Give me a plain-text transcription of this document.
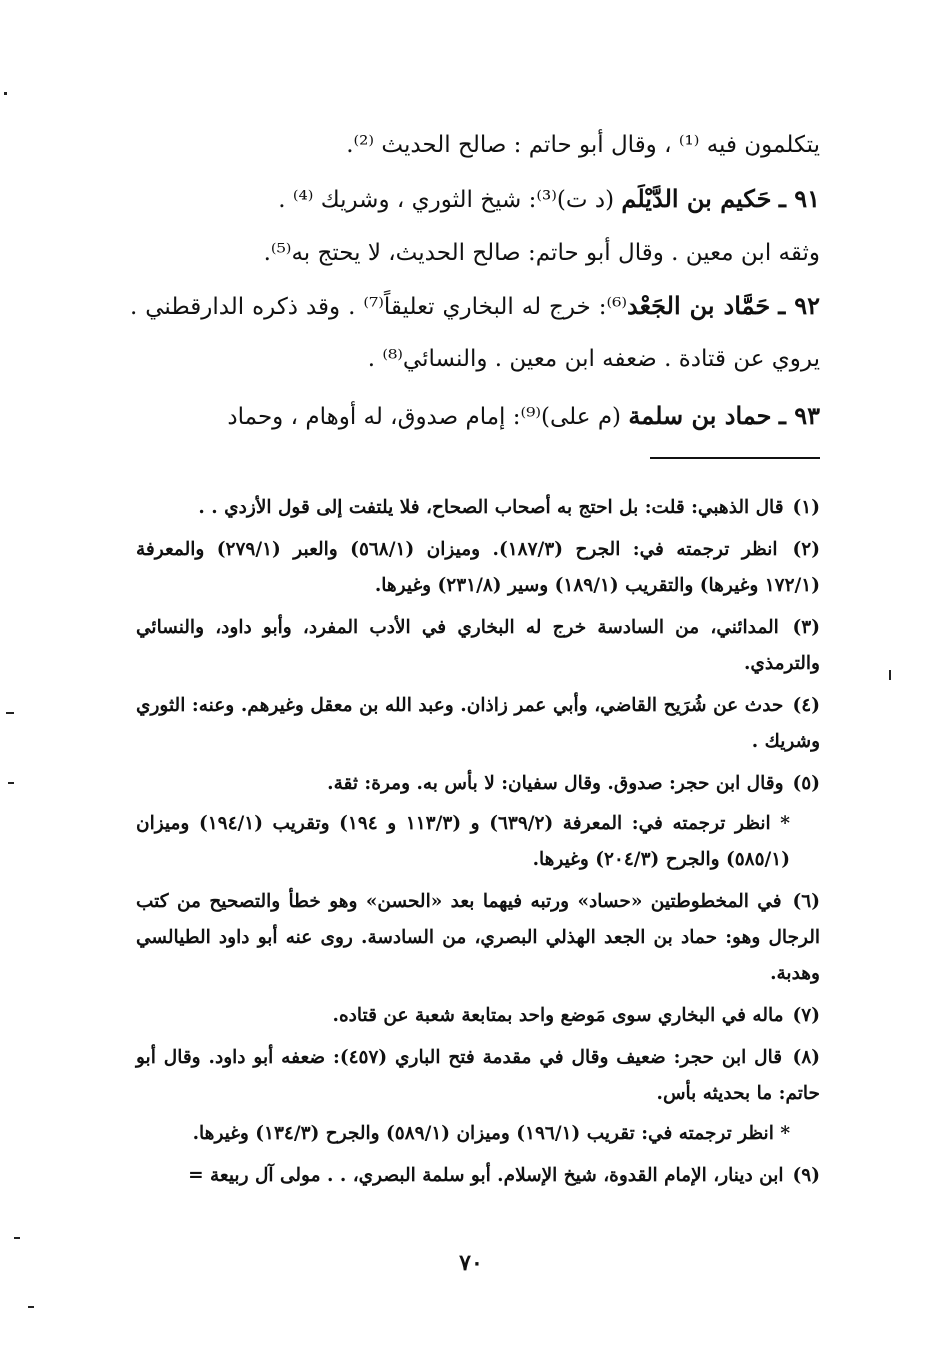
يتكلمون فيه ⁽¹⁾ ، وقال أبو حاتم : صالح الحديث ⁽²⁾.

٩١ ـ حَكيم بن الدَّيْلَم (د ت)⁽³⁾: شيخ الثوري ، وشريك ⁽⁴⁾ .

وثقه ابن معين . وقال أبو حاتم: صالح الحديث، لا يحتج به⁽⁵⁾.

٩٢ ـ حَمَّاد بن الجَعْد⁽⁶⁾: خرج له البخاري تعليقاً⁽⁷⁾ . وقد ذكره الدارقطني . يروي عن قتادة . ضعفه ابن معين . والنسائي⁽⁸⁾ .

٩٣ ـ حماد بن سلمة (م على)⁽⁹⁾: إمام صدوق، له أوهام ، وحماد

(١) قال الذهبي: قلت: بل احتج به أصحاب الصحاح، فلا يلتفت إلى قول الأزدي . .

(٢) انظر ترجمته في: الجرح (١٨٧/٣). وميزان (٥٦٨/١) والعبر (٢٧٩/١) والمعرفة (١٧٢/١ وغيرها) والتقريب (١٨٩/١) وسير (٢٣١/٨) وغيرها.

(٣) المدائني، من السادسة خرج له البخاري في الأدب المفرد، وأبو داود، والنسائي والترمذي.

(٤) حدث عن شُرَيح القاضي، وأبي عمر زاذان. وعبد الله بن معقل وغيرهم. وعنه: الثوري وشريك .

(٥) وقال ابن حجر: صدوق. وقال سفيان: لا بأس به. ومرة: ثقة.

* انظر ترجمته في: المعرفة (٦٣٩/٢) و (١١٣/٣ و ١٩٤) وتقريب (١٩٤/١) وميزان (٥٨٥/١) والجرح (٢٠٤/٣) وغيرها.

(٦) في المخطوطتين «حساد» ورتبه فيهما بعد «الحسن» وهو خطأ والتصحيح من كتب الرجال وهو: حماد بن الجعد الهذلي البصري، من السادسة. روى عنه أبو داود الطيالسي وهدبة.

(٧) ماله في البخاري سوى مَوضع واحد بمتابعة شعبة عن قتاده.

(٨) قال ابن حجر: ضعيف وقال في مقدمة فتح الباري (٤٥٧): ضعفه أبو داود. وقال أبو حاتم: ما بحديثه بأس.

* انظر ترجمته في: تقريب (١٩٦/١) وميزان (٥٨٩/١) والجرح (١٣٤/٣) وغيرها.

(٩) ابن دينار، الإمام القدوة، شيخ الإسلام. أبو سلمة البصري، . . مولى آل ربيعة =

٧٠
